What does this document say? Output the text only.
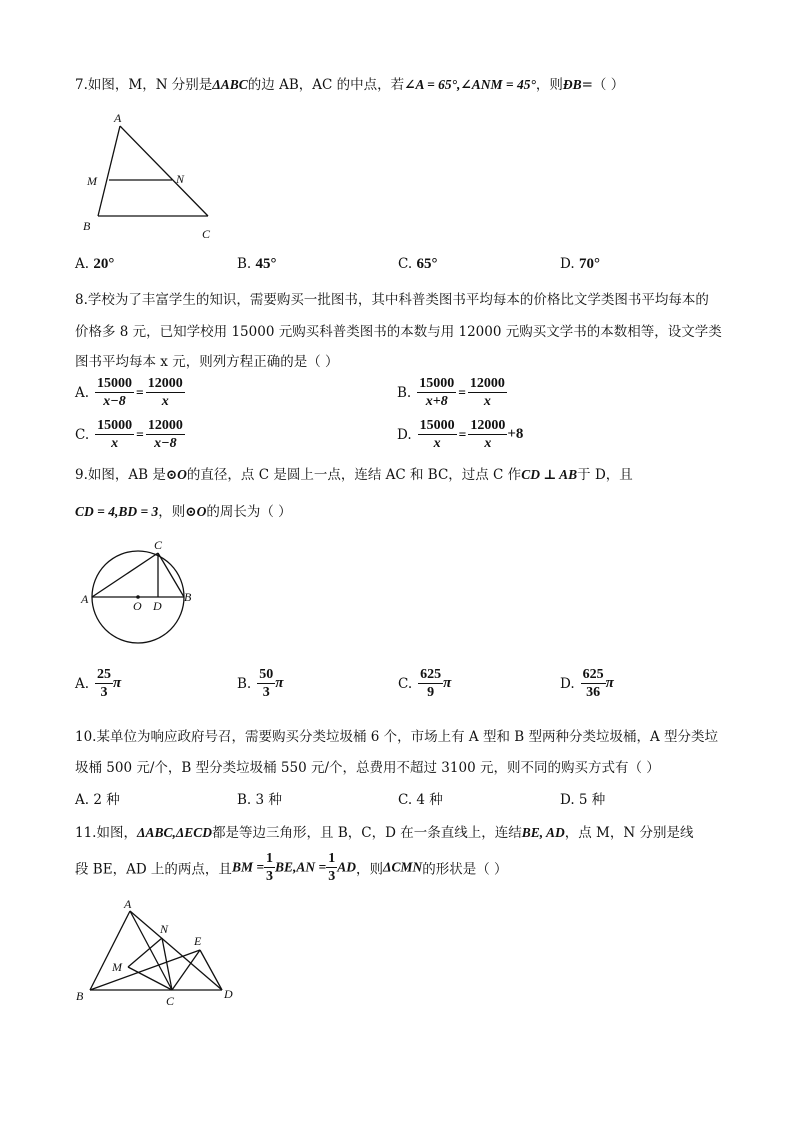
7.如图，M，N 分别是ΔABC的边 AB，AC 的中点，若∠A = 65°,∠ANM = 45°，则ÐB=（ ）
A
M	N
B
C
A. 20°	B. 45°	C. 65°	D. 70°
8.学校为了丰富学生的知识，需要购买一批图书，其中科普类图书平均每本的价格比文学类图书平均每本的
价格多 8 元，已知学校用 15000 元购买科普类图书的本数与用 12000 元购买文学书的本数相等，设文学类
图书平均每本 x 元，则列方程正确的是（ ）
A. $\frac{15000}{x-8} = \frac{12000}{x}$	B. $\frac{15000}{x+8} = \frac{12000}{x}$
C. $\frac{15000}{x} = \frac{12000}{x-8}$	D. $\frac{15000}{x} = \frac{12000}{x} +8$
9.如图，AB 是⊙O的直径，点 C 是圆上一点，连结 AC 和 BC，过点 C 作CD ⊥ AB于 D，且
CD = 4,BD = 3，则⊙O的周长为（ ）
C
A	B
O D
A. $\frac{25}{3}$ π	B. $\frac{50}{3}$ π	C. $\frac{625}{9}$ π	D. $\frac{625}{36}$ π
10.某单位为响应政府号召，需要购买分类垃圾桶 6 个，市场上有 A 型和 B 型两种分类垃圾桶，A 型分类垃
圾桶 500 元/个，B 型分类垃圾桶 550 元/个，总费用不超过 3100 元，则不同的购买方式有（ ）
A. 2 种	B. 3 种	C. 4 种	D. 5 种
11.如图，ΔABC,ΔECD都是等边三角形，且 B，C，D 在一条直线上，连结BE, AD，点 M，N 分别是线
段 BE，AD 上的两点，且BM = $\frac{1}{3} BE,AN = \frac{1}{3}$ AD，则ΔCMN的形状是（ ）
A
N
E
M
B	C	D
